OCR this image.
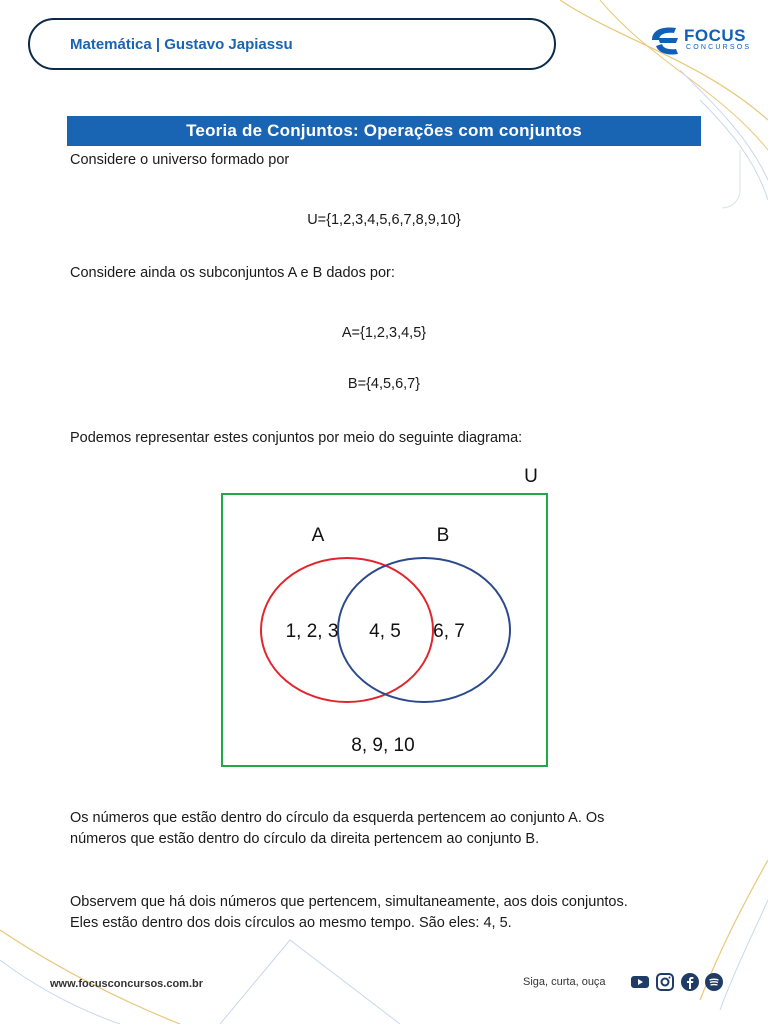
Matemática | Gustavo Japiassu	FOCUS
CONCURSOS
Teoria de Conjuntos: Operações com conjuntos
Considere o universo formado por
U={1,2,3,4,5,6,7,8,9,10}
Considere ainda os subconjuntos A e B dados por:
A={1,2,3,4,5}
B={4,5,6,7}
Podemos representar estes conjuntos por meio do seguinte diagrama:
U
A	B
1, 2, 3 4, 5 6, 7
8, 9, 10
Os números que estão dentro do círculo da esquerda pertencem ao conjunto A. Os
números que estão dentro do círculo da direita pertencem ao conjunto B.
Observem que há dois números que pertencem, simultaneamente, aos dois conjuntos.
Eles estão dentro dos dois círculos ao mesmo tempo. São eles: 4, 5.
www.focusconcursos.com.br	Siga, curta, ouça
